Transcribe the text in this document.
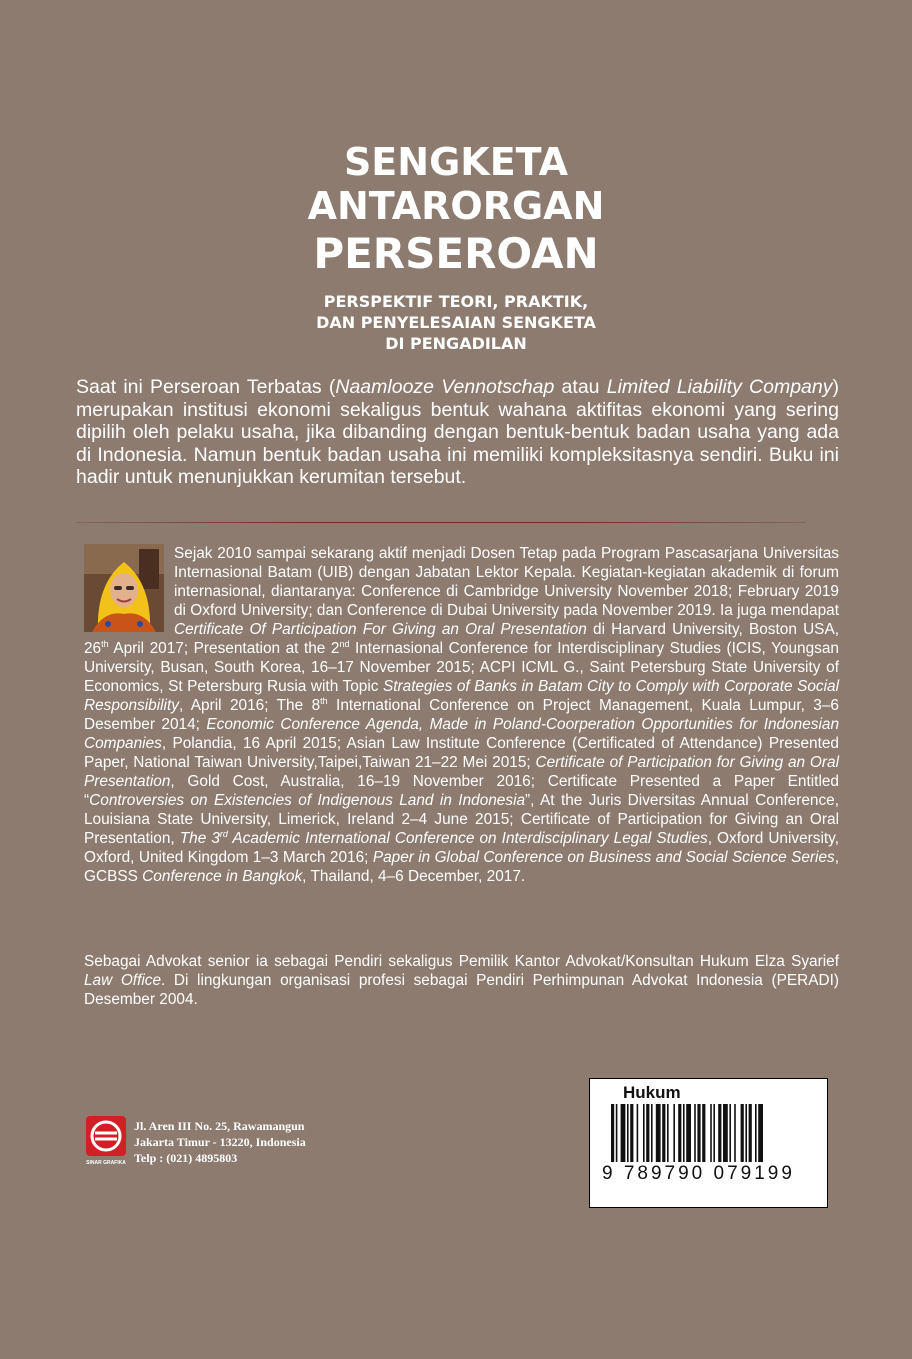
SENGKETA
ANTARORGAN
PERSEROAN
PERSPEKTIF TEORI, PRAKTIK,
DAN PENYELESAIAN SENGKETA
DI PENGADILAN
Saat ini Perseroan Terbatas (Naamlooze Vennotschap atau Limited Liability Company) merupakan institusi ekonomi sekaligus bentuk wahana aktifitas ekonomi yang sering dipilih oleh pelaku usaha, jika dibanding dengan bentuk-bentuk badan usaha yang ada di Indonesia. Namun bentuk badan usaha ini memiliki kompleksitasnya sendiri. Buku ini hadir untuk menunjukkan kerumitan tersebut.
Sejak 2010 sampai sekarang aktif menjadi Dosen Tetap pada Program Pascasarjana Universitas Internasional Batam (UIB) dengan Jabatan Lektor Kepala. Kegiatan-kegiatan akademik di forum internasional, diantaranya: Conference di Cambridge University November 2018; February 2019 di Oxford University; dan Conference di Dubai University pada November 2019. Ia juga mendapat Certificate Of Participation For Giving an Oral Presentation di Harvard University, Boston USA, 26th April 2017; Presentation at the 2nd Internasional Conference for Interdisciplinary Studies (ICIS, Youngsan University, Busan, South Korea, 16–17 November 2015; ACPI ICML G., Saint Petersburg State University of Economics, St Petersburg Rusia with Topic Strategies of Banks in Batam City to Comply with Corporate Social Responsibility, April 2016; The 8th International Conference on Project Management, Kuala Lumpur, 3–6 Desember 2014; Economic Conference Agenda, Made in Poland-Coorperation Opportunities for Indonesian Companies, Polandia, 16 April 2015; Asian Law Institute Conference (Certificated of Attendance) Presented Paper, National Taiwan University,Taipei,Taiwan 21–22 Mei 2015; Certificate of Participation for Giving an Oral Presentation, Gold Cost, Australia, 16–19 November 2016; Certificate Presented a Paper Entitled “Controversies on Existencies of Indigenous Land in Indonesia”, At the Juris Diversitas Annual Conference, Louisiana State University, Limerick, Ireland 2–4 June 2015; Certificate of Participation for Giving an Oral Presentation, The 3rd Academic International Conference on Interdisciplinary Legal Studies, Oxford University, Oxford, United Kingdom 1–3 March 2016; Paper in Global Conference on Business and Social Science Series, GCBSS Conference in Bangkok, Thailand, 4–6 December, 2017.
Sebagai Advokat senior ia sebagai Pendiri sekaligus Pemilik Kantor Advokat/Konsultan Hukum Elza Syarief Law Office. Di lingkungan organisasi profesi sebagai Pendiri Perhimpunan Advokat Indonesia (PERADI) Desember 2004.
SINAR GRAFIKA
Jl. Aren III No. 25, Rawamangun
Jakarta Timur - 13220, Indonesia
Telp : (021) 4895803
Hukum
9 789790 079199
